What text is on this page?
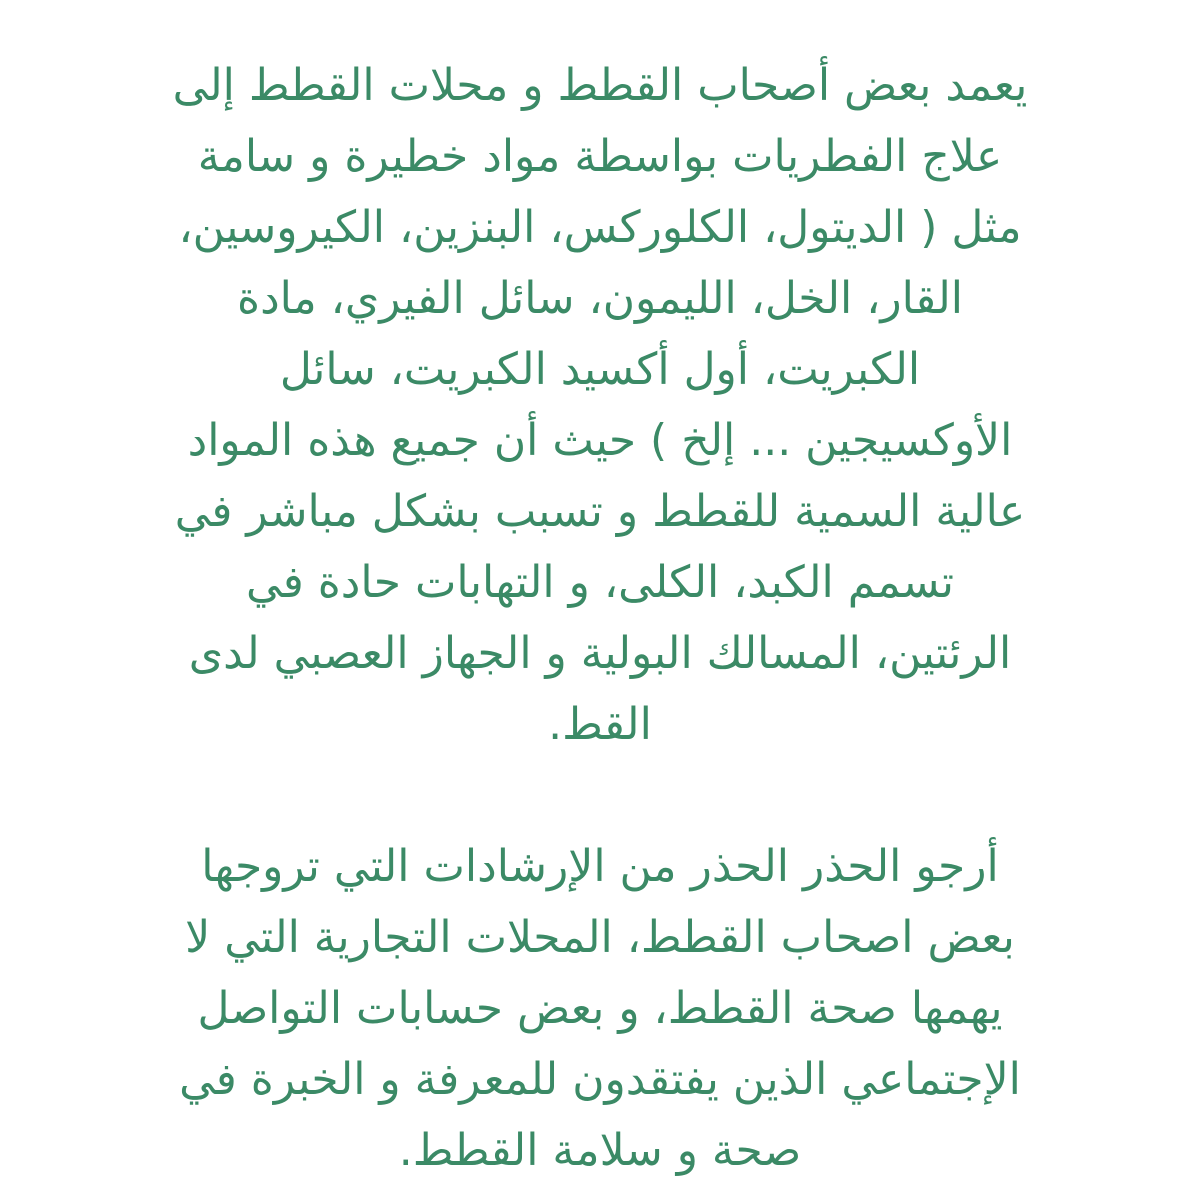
يعمد بعض أصحاب القطط و محلات القطط إلى
علاج الفطريات بواسطة مواد خطيرة و سامة
مثل ( الديتول، الكلوركس، البنزين، الكيروسين،
القار، الخل، الليمون، سائل الفيري، مادة
الكبريت، أول أكسيد الكبريت، سائل
الأوكسيجين ... إلخ ) حيث أن جميع هذه المواد
عالية السمية للقطط و تسبب بشكل مباشر في
تسمم الكبد، الكلى، و التهابات حادة في
الرئتين، المسالك البولية و الجهاز العصبي لدى
القط.
أرجو الحذر الحذر من الإرشادات التي تروجها
بعض اصحاب القطط، المحلات التجارية التي لا
يهمها صحة القطط، و بعض حسابات التواصل
الإجتماعي الذين يفتقدون للمعرفة و الخبرة في
صحة و سلامة القطط.
